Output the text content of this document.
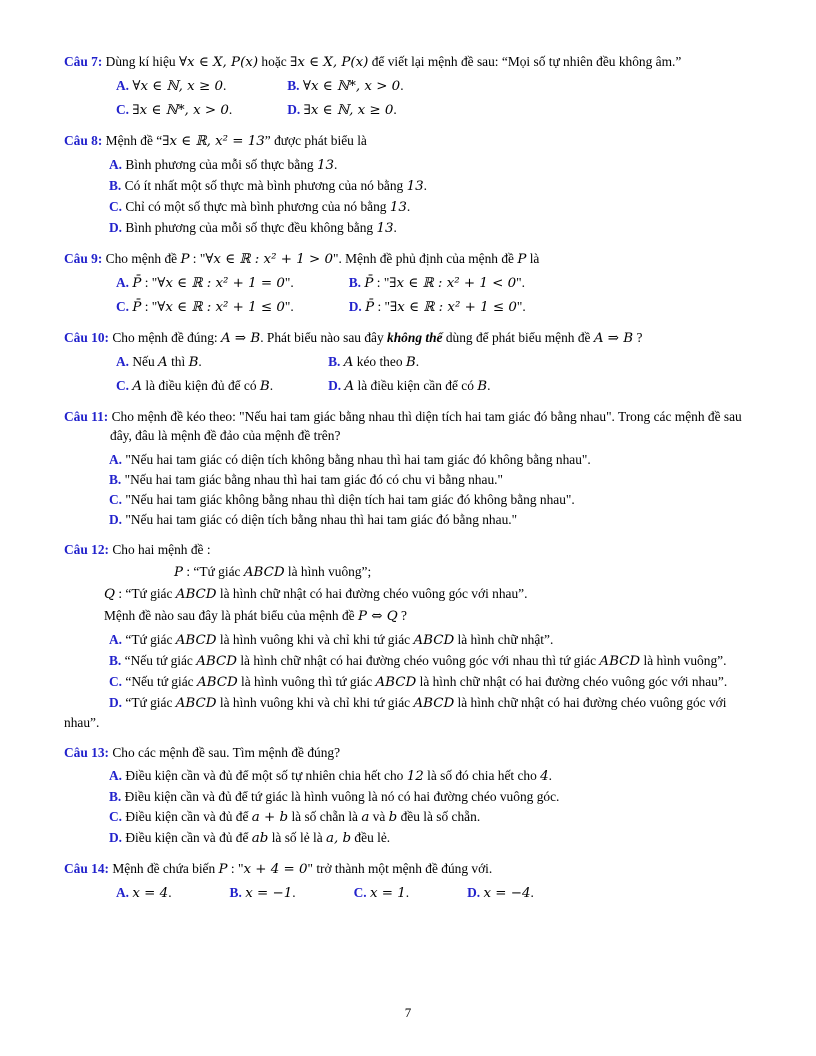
Câu 7: Dùng kí hiệu ∀x ∈ X, P(x) hoặc ∃x ∈ X, P(x) để viết lại mệnh đề sau: “Mọi số tự nhiên đều không âm.”
A. ∀x ∈ ℕ, x ≥ 0.	B. ∀x ∈ ℕ*, x > 0.
C. ∃x ∈ ℕ*, x > 0.	D. ∃x ∈ ℕ, x ≥ 0.
Câu 8: Mệnh đề “∃x ∈ ℝ, x² = 13” được phát biểu là
A. Bình phương của mỗi số thực bằng 13.
B. Có ít nhất một số thực mà bình phương của nó bằng 13.
C. Chỉ có một số thực mà bình phương của nó bằng 13.
D. Bình phương của mỗi số thực đều không bằng 13.
Câu 9: Cho mệnh đề P : "∀x ∈ ℝ : x² + 1 > 0". Mệnh đề phủ định của mệnh đề P là
A. P̄ : "∀x ∈ ℝ : x² + 1 = 0".	B. P̄ : "∃x ∈ ℝ : x² + 1 < 0".
C. P̄ : "∀x ∈ ℝ : x² + 1 ≤ 0".	D. P̄ : "∃x ∈ ℝ : x² + 1 ≤ 0".
Câu 10: Cho mệnh đề đúng: A ⇒ B. Phát biểu nào sau đây không thể dùng để phát biểu mệnh đề A ⇒ B ?
A. Nếu A thì B.	B. A kéo theo B.
C. A là điều kiện đủ để có B.	D. A là điều kiện cần để có B.
Câu 11: Cho mệnh đề kéo theo: "Nếu hai tam giác bằng nhau thì diện tích hai tam giác đó bằng nhau". Trong các mệnh đề sau đây, đâu là mệnh đề đảo của mệnh đề trên?
A. "Nếu hai tam giác có diện tích không bằng nhau thì hai tam giác đó không bằng nhau".
B. "Nếu hai tam giác bằng nhau thì hai tam giác đó có chu vi bằng nhau."
C. "Nếu hai tam giác không bằng nhau thì diện tích hai tam giác đó không bằng nhau".
D. "Nếu hai tam giác có diện tích bằng nhau thì hai tam giác đó bằng nhau."
Câu 12: Cho hai mệnh đề :
P : “Tứ giác ABCD là hình vuông”;
Q : “Tứ giác ABCD là hình chữ nhật có hai đường chéo vuông góc với nhau”.
Mệnh đề nào sau đây là phát biểu của mệnh đề P ⇔ Q ?
A. “Tứ giác ABCD là hình vuông khi và chỉ khi tứ giác ABCD là hình chữ nhật”.
B. “Nếu tứ giác ABCD là hình chữ nhật có hai đường chéo vuông góc với nhau thì tứ giác ABCD là hình vuông”.
C. “Nếu tứ giác ABCD là hình vuông thì tứ giác ABCD là hình chữ nhật có hai đường chéo vuông góc với nhau”.
D. “Tứ giác ABCD là hình vuông khi và chỉ khi tứ giác ABCD là hình chữ nhật có hai đường chéo vuông góc với nhau”.
Câu 13: Cho các mệnh đề sau. Tìm mệnh đề đúng?
A. Điều kiện cần và đủ để một số tự nhiên chia hết cho 12 là số đó chia hết cho 4.
B. Điều kiện cần và đủ để tứ giác là hình vuông là nó có hai đường chéo vuông góc.
C. Điều kiện cần và đủ để a + b là số chẵn là a và b đều là số chẵn.
D. Điều kiện cần và đủ để ab là số lẻ là a, b đều lẻ.
Câu 14: Mệnh đề chứa biến P : "x + 4 = 0" trở thành một mệnh đề đúng với.
A. x = 4.	B. x = −1.	C. x = 1.	D. x = −4.
7
